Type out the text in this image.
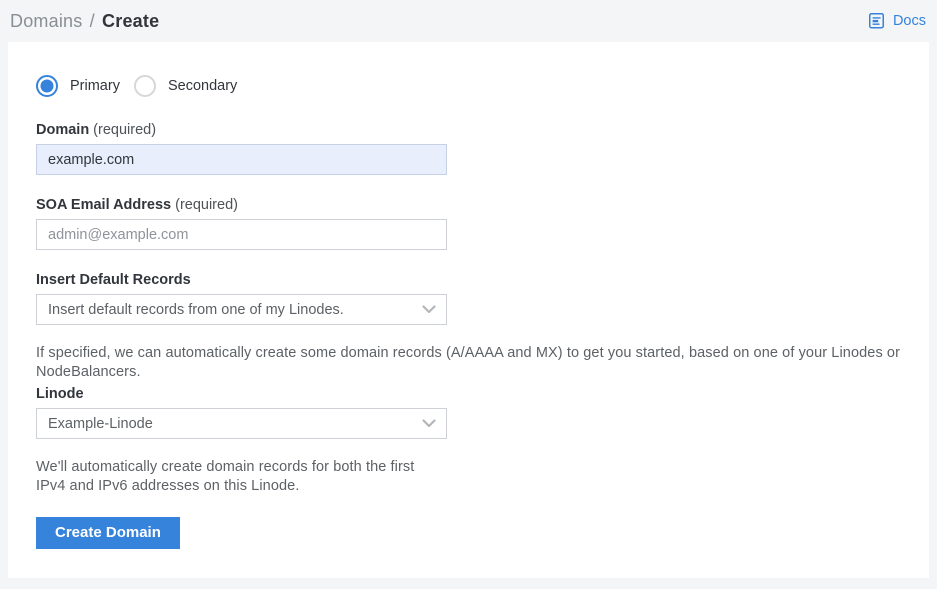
Domains / Create	Docs
Primary	Secondary
Domain (required)
example.com
SOA Email Address (required)
admin@example.com
Insert Default Records
Insert default records from one of my Linodes.
If specified, we can automatically create some domain records (A/AAAA and MX) to get you started, based on one of your Linodes or NodeBalancers.
Linode
Example-Linode
We'll automatically create domain records for both the first IPv4 and IPv6 addresses on this Linode.
Create Domain
